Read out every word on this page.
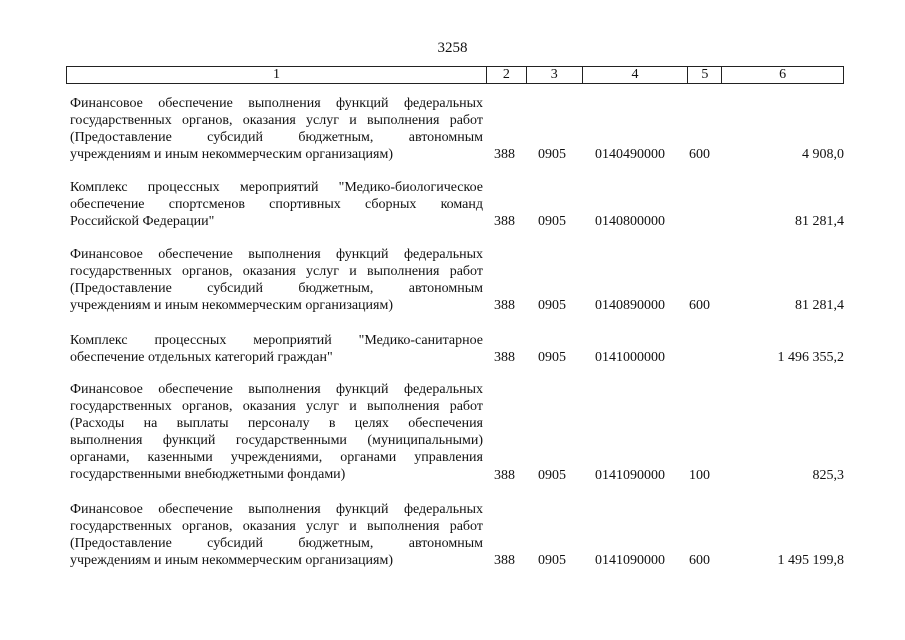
3258
1	2	3	4	5	6
Финансовое обеспечение выполнения функций федеральных
государственных органов, оказания услуг и выполнения работ
(Предоставление субсидий бюджетным, автономным
учреждениям и иным некоммерческим организациям)	388 0905 0140490000 600	4 908,0
Комплекс процессных мероприятий "Медико-биологическое
обеспечение спортсменов спортивных сборных команд
Российской Федерации"	388 0905 0140800000	81 281,4
Финансовое обеспечение выполнения функций федеральных
государственных органов, оказания услуг и выполнения работ
(Предоставление субсидий бюджетным, автономным
учреждениям и иным некоммерческим организациям)	388 0905 0140890000 600	81 281,4
Комплекс процессных мероприятий "Медико-санитарное
обеспечение отдельных категорий граждан"	388 0905 0141000000	1 496 355,2
Финансовое обеспечение выполнения функций федеральных
государственных органов, оказания услуг и выполнения работ
(Расходы на выплаты персоналу в целях обеспечения
выполнения функций государственными (муниципальными)
органами, казенными учреждениями, органами управления
государственными внебюджетными фондами)	388 0905 0141090000 100	825,3
Финансовое обеспечение выполнения функций федеральных
государственных органов, оказания услуг и выполнения работ
(Предоставление субсидий бюджетным, автономным
учреждениям и иным некоммерческим организациям)	388 0905 0141090000 600	1 495 199,8
